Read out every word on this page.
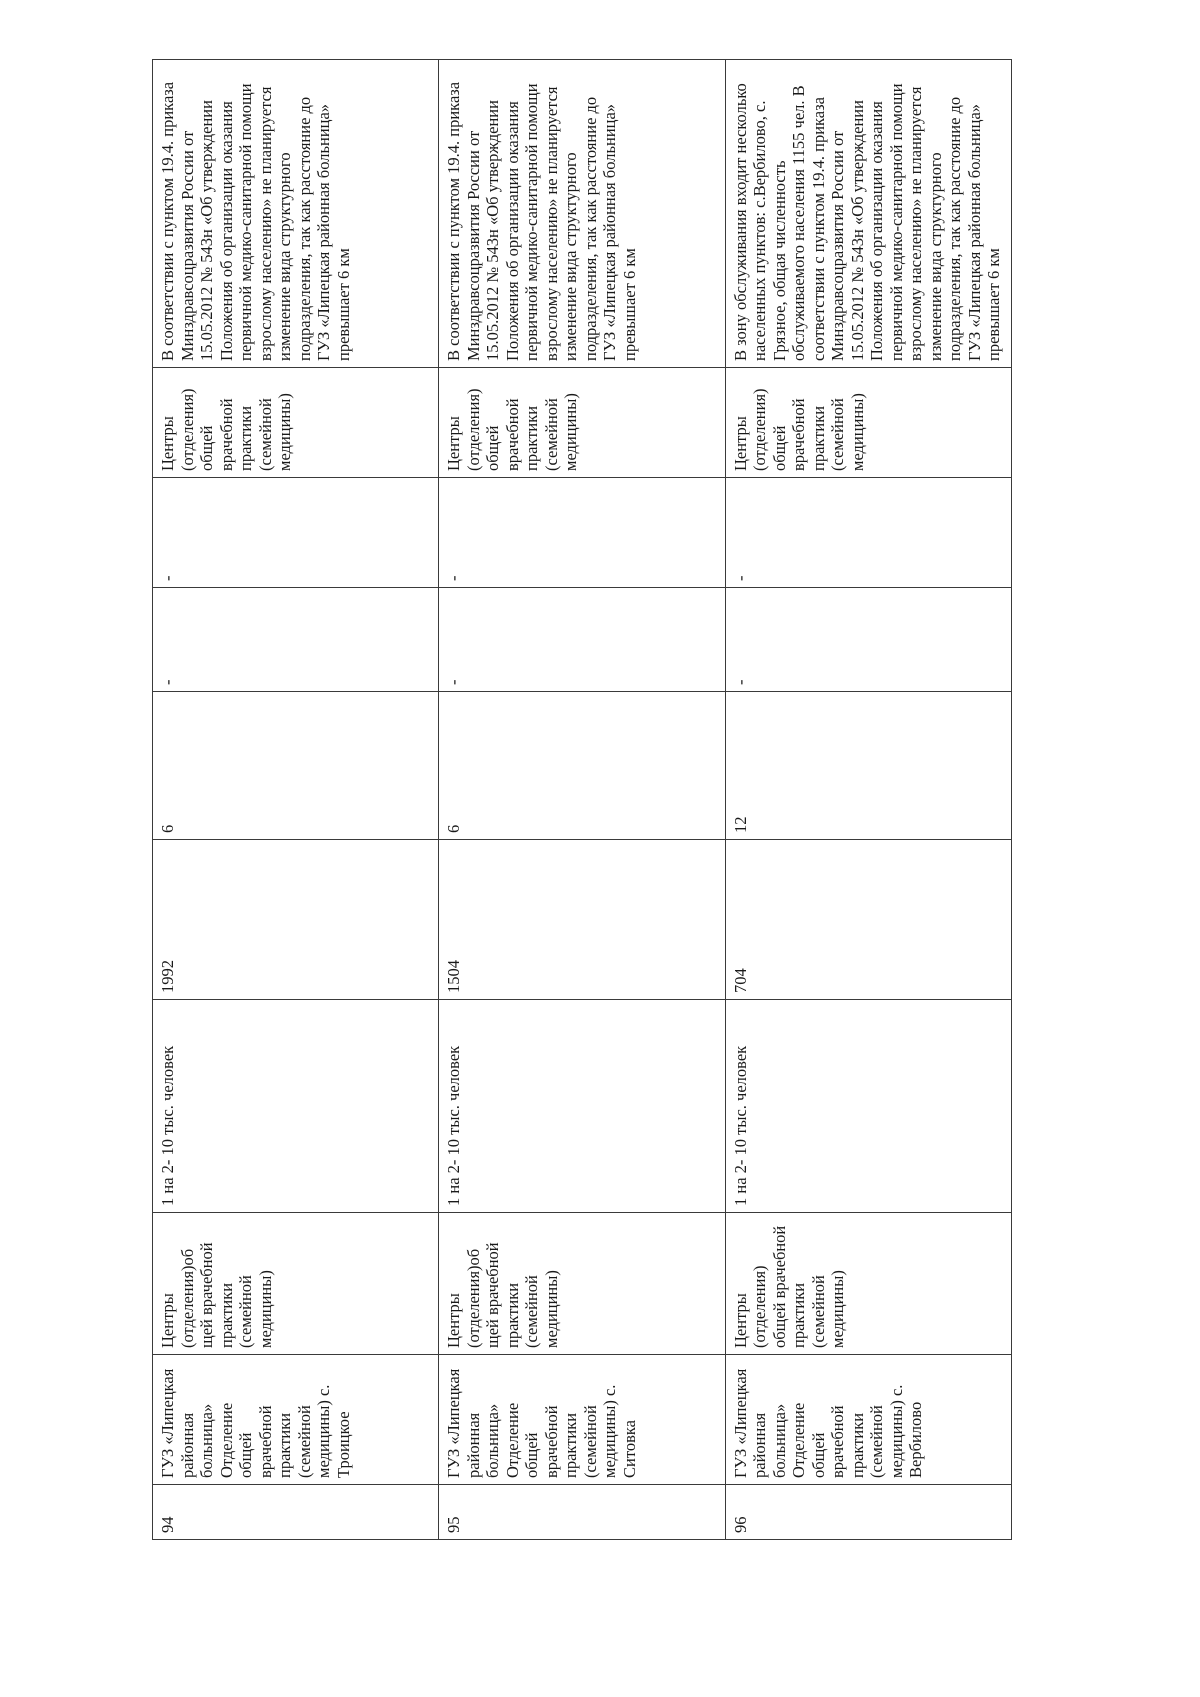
94	ГУЗ «Липецкая районная больница» Отделение общей врачебной практики (семейной медицины) с. Троицкое	Центры (отделения)об щей врачебной практики (семейной медицины)	1 на 2- 10 тыс. человек	1992	6	-	-	Центры (отделения) общей врачебной практики (семейной медицины)	В соответствии с пунктом 19.4. приказа Минздравсоцразвития России от 15.05.2012 № 543н «Об утверждении Положения об организации оказания первичной медико-санитарной помощи взрослому населению» не планируется изменение вида структурного подразделения, так как расстояние до ГУЗ «Липецкая районная больница» превышает 6 км
95	ГУЗ «Липецкая районная больница» Отделение общей врачебной практики (семейной медицины) с. Ситовка	Центры (отделения)об щей врачебной практики (семейной медицины)	1 на 2- 10 тыс. человек	1504	6	-	-	Центры (отделения) общей врачебной практики (семейной медицины)	В соответствии с пунктом 19.4. приказа Минздравсоцразвития России от 15.05.2012 № 543н «Об утверждении Положения об организации оказания первичной медико-санитарной помощи взрослому населению» не планируется изменение вида структурного подразделения, так как расстояние до ГУЗ «Липецкая районная больница» превышает 6 км
96	ГУЗ «Липецкая районная больница» Отделение общей врачебной практики (семейной медицины) с. Вербилово	Центры (отделения) общей врачебной практики (семейной медицины)	1 на 2- 10 тыс. человек	704	12	-	-	Центры (отделения) общей врачебной практики (семейной медицины)	В зону обслуживания входит несколько населенных пунктов: с.Вербилово, с. Грязное, общая численность обслуживаемого населения 1155 чел. В соответствии с пунктом 19.4. приказа Минздравсоцразвития России от 15.05.2012 № 543н «Об утверждении Положения об организации оказания первичной медико-санитарной помощи взрослому населению» не планируется изменение вида структурного подразделения, так как расстояние до ГУЗ «Липецкая районная больница» превышает 6 км
